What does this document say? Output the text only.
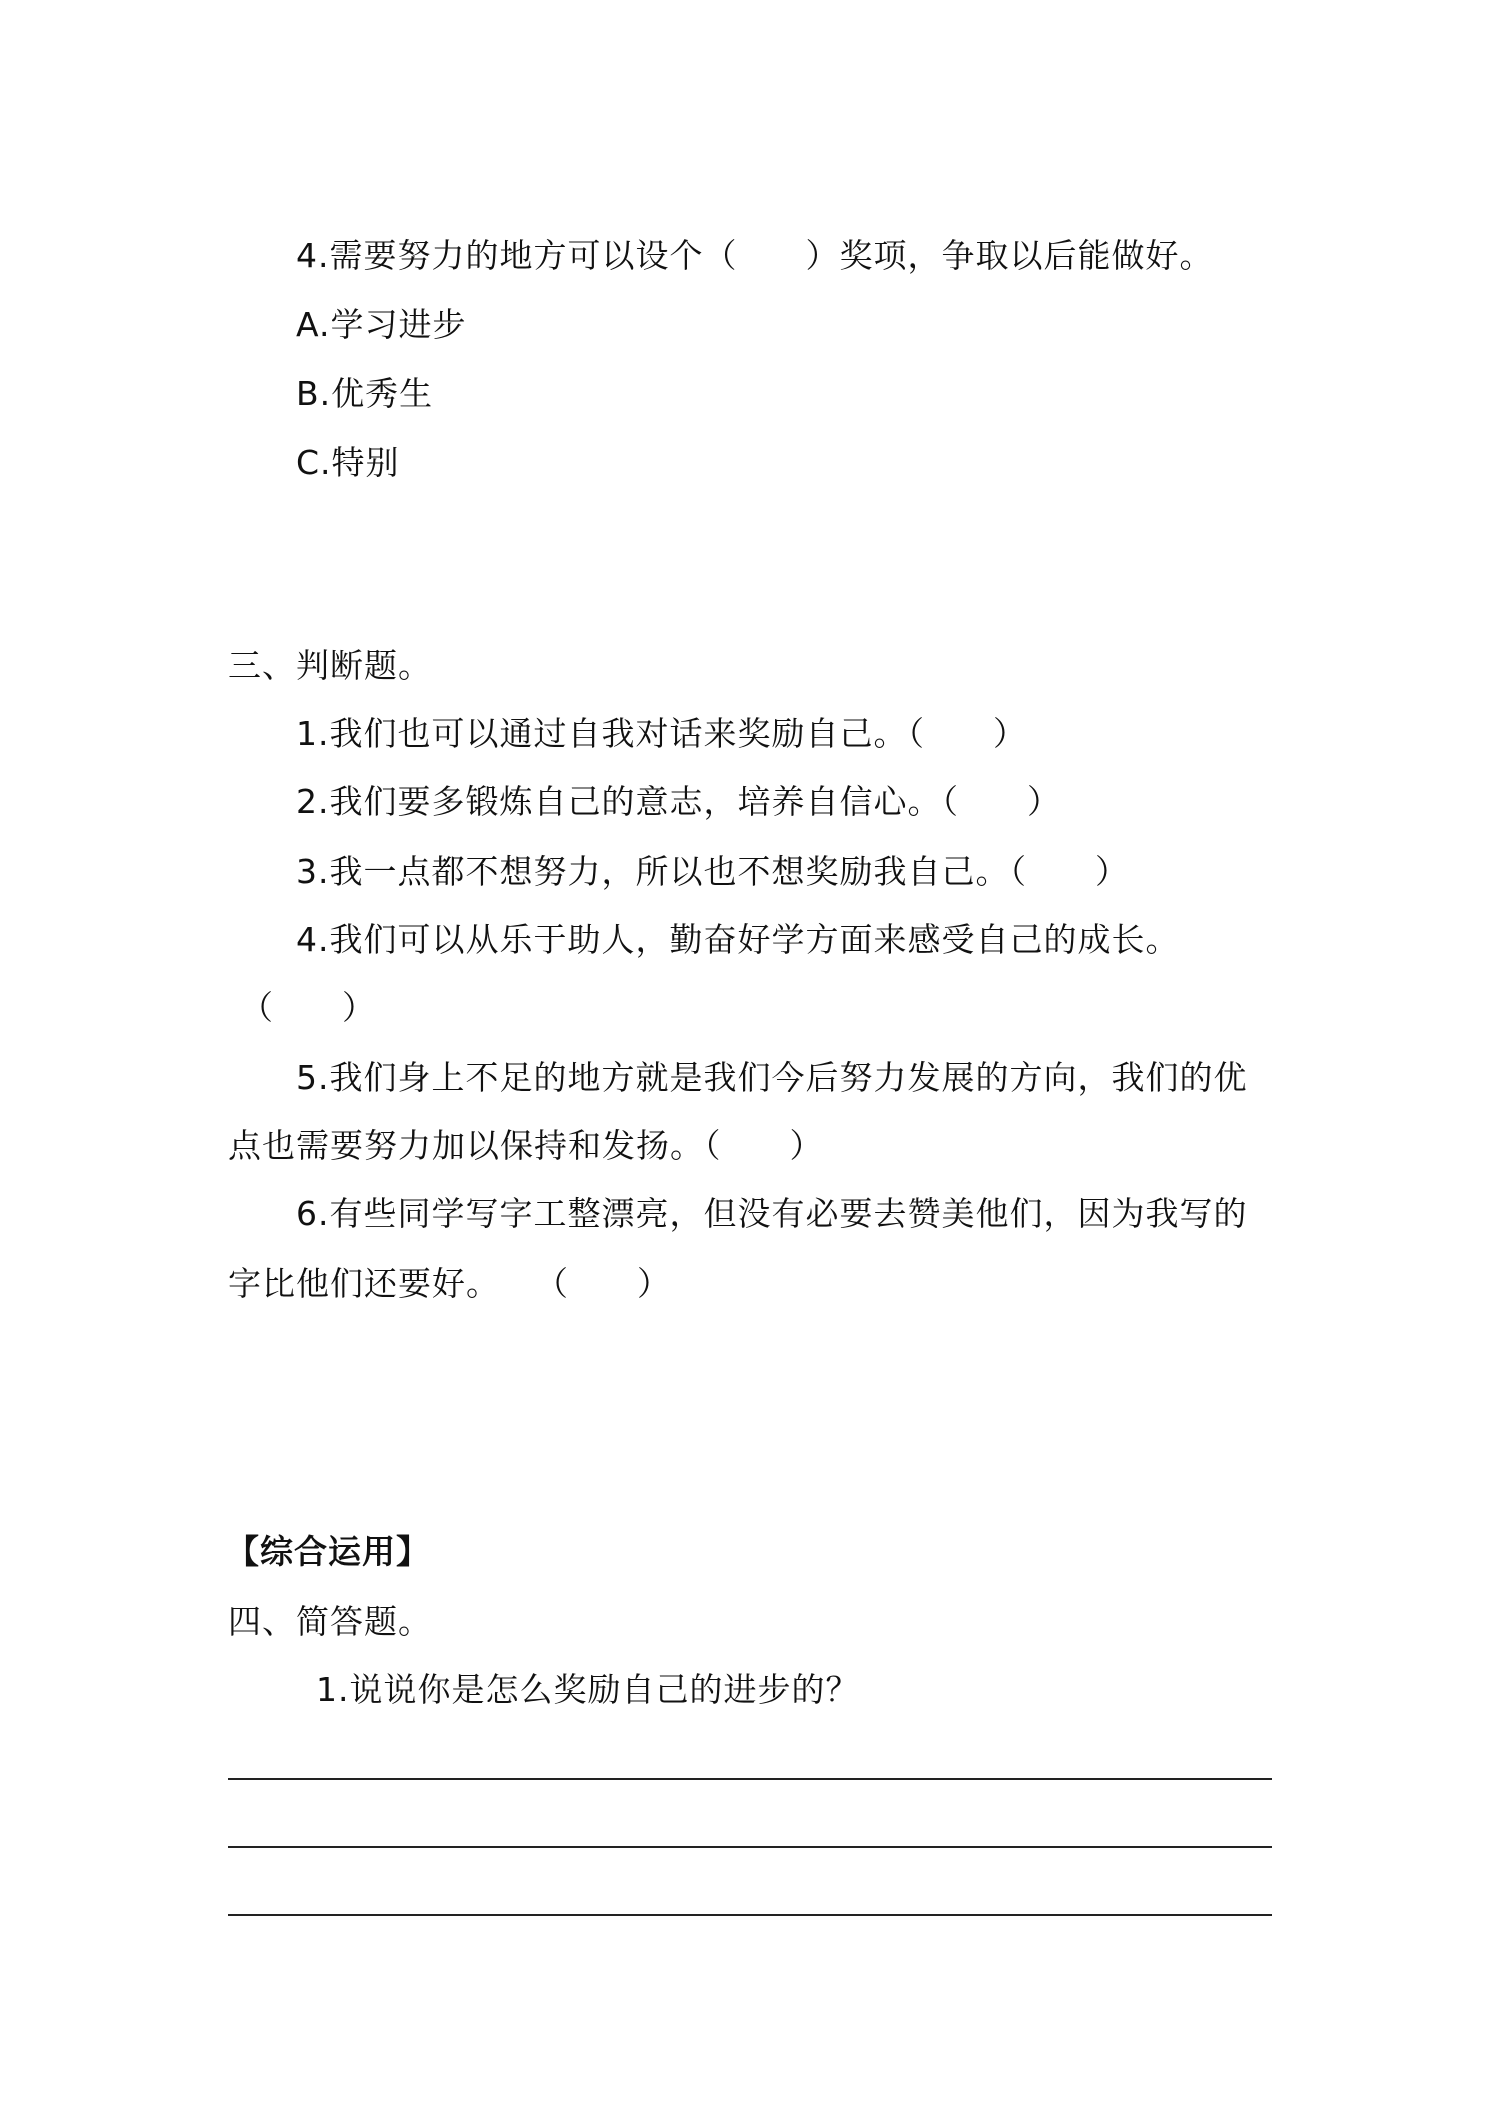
4.需要努力的地方可以设个（　　）奖项，争取以后能做好。
A.学习进步
B.优秀生
C.特别
三、判断题。
1.我们也可以通过自我对话来奖励自己。（　　）
2.我们要多锻炼自己的意志，培养自信心。（　　）
3.我一点都不想努力，所以也不想奖励我自己。（　　）
4.我们可以从乐于助人，勤奋好学方面来感受自己的成长。
（　　）
5.我们身上不足的地方就是我们今后努力发展的方向，我们的优
点也需要努力加以保持和发扬。（　　）
6.有些同学写字工整漂亮，但没有必要去赞美他们，因为我写的
字比他们还要好。　　（　　）
【综合运用】
四、简答题。
1.说说你是怎么奖励自己的进步的？
